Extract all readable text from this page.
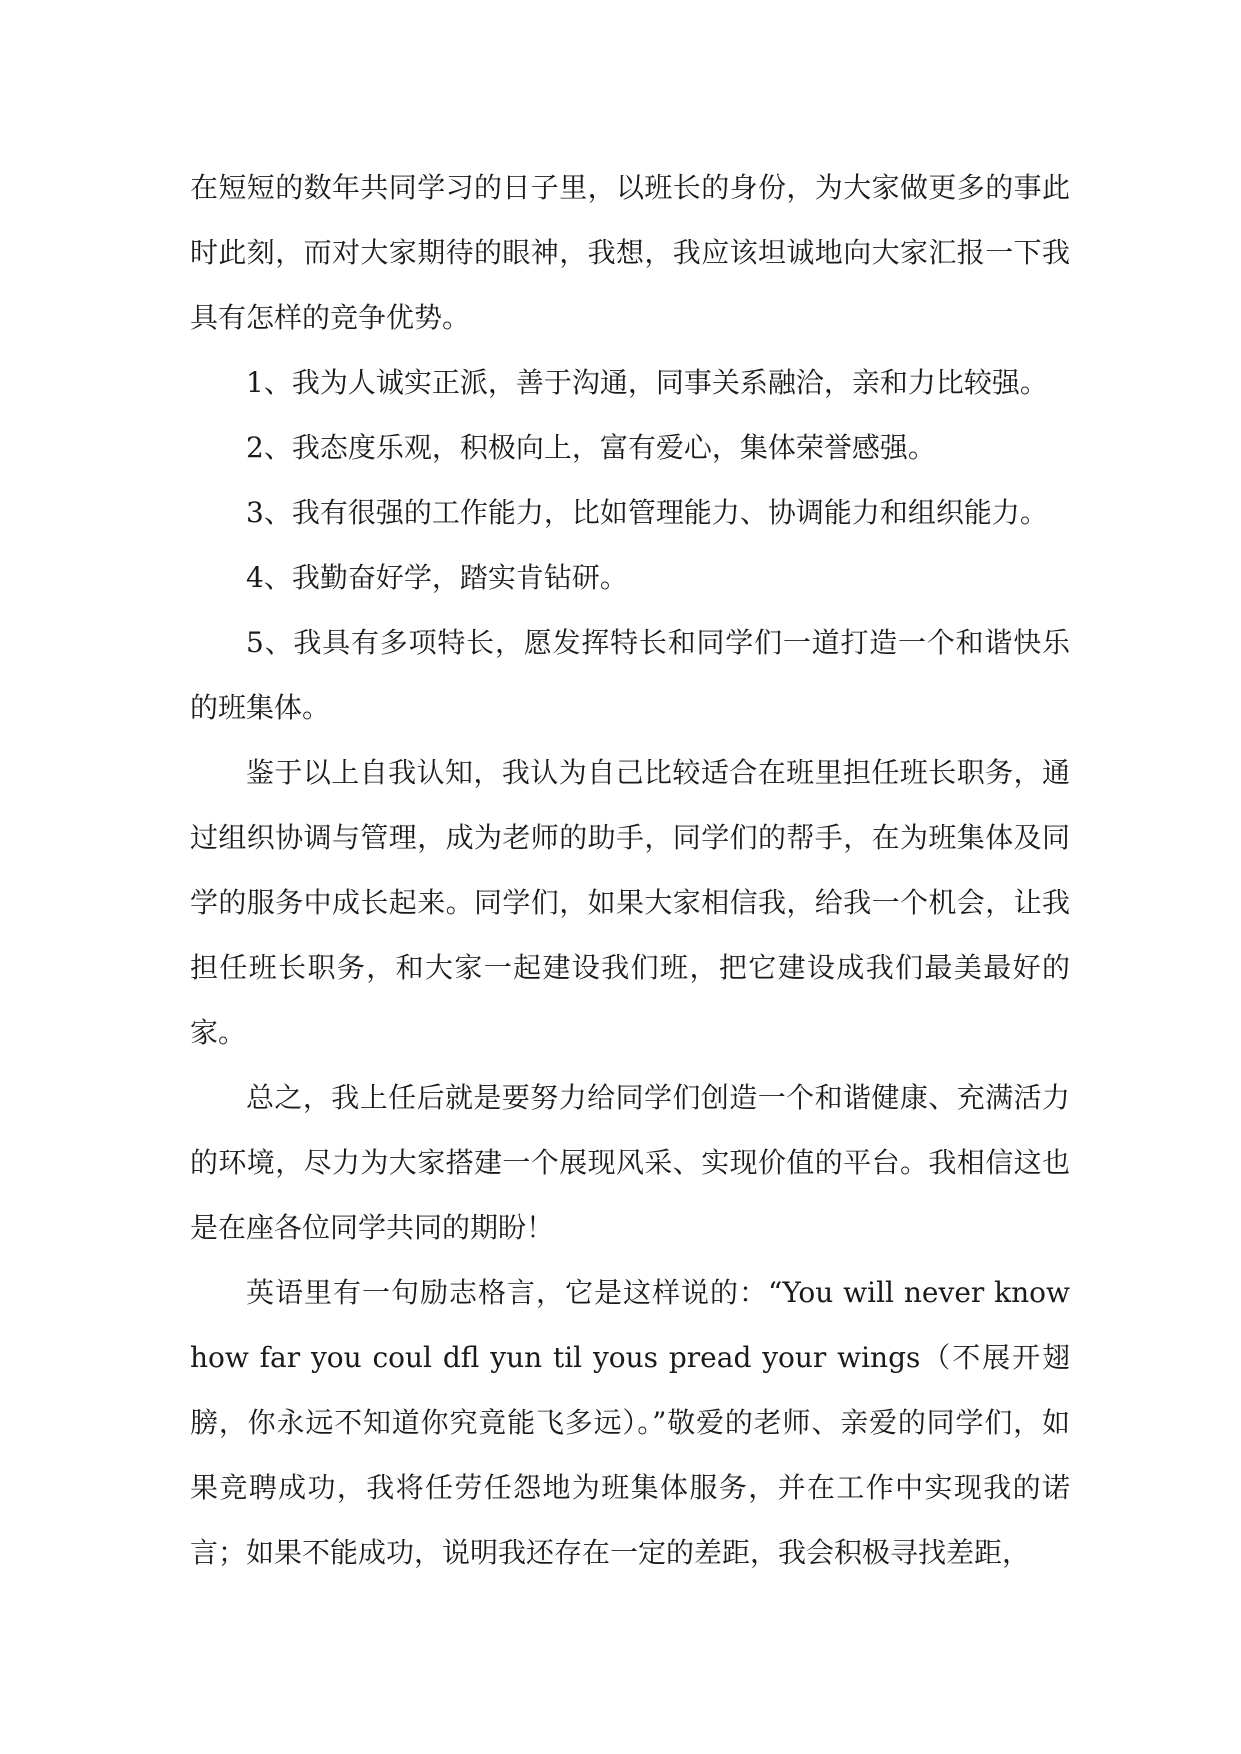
在短短的数年共同学习的日子里，以班长的身份，为大家做更多的事此时此刻，而对大家期待的眼神，我想，我应该坦诚地向大家汇报一下我具有怎样的竞争优势。

1、我为人诚实正派，善于沟通，同事关系融洽，亲和力比较强。

2、我态度乐观，积极向上，富有爱心，集体荣誉感强。

3、我有很强的工作能力，比如管理能力、协调能力和组织能力。

4、我勤奋好学，踏实肯钻研。

5、我具有多项特长，愿发挥特长和同学们一道打造一个和谐快乐的班集体。

鉴于以上自我认知，我认为自己比较适合在班里担任班长职务，通过组织协调与管理，成为老师的助手，同学们的帮手，在为班集体及同学的服务中成长起来。同学们，如果大家相信我，给我一个机会，让我担任班长职务，和大家一起建设我们班，把它建设成我们最美最好的家。

总之，我上任后就是要努力给同学们创造一个和谐健康、充满活力的环境，尽力为大家搭建一个展现风采、实现价值的平台。我相信这也是在座各位同学共同的期盼！

英语里有一句励志格言，它是这样说的：“You will never know how far you coul dfl yun til yous pread your wings（不展开翅膀，你永远不知道你究竟能飞多远）。”敬爱的老师、亲爱的同学们，如果竞聘成功，我将任劳任怨地为班集体服务，并在工作中实现我的诺言；如果不能成功，说明我还存在一定的差距，我会积极寻找差距，
